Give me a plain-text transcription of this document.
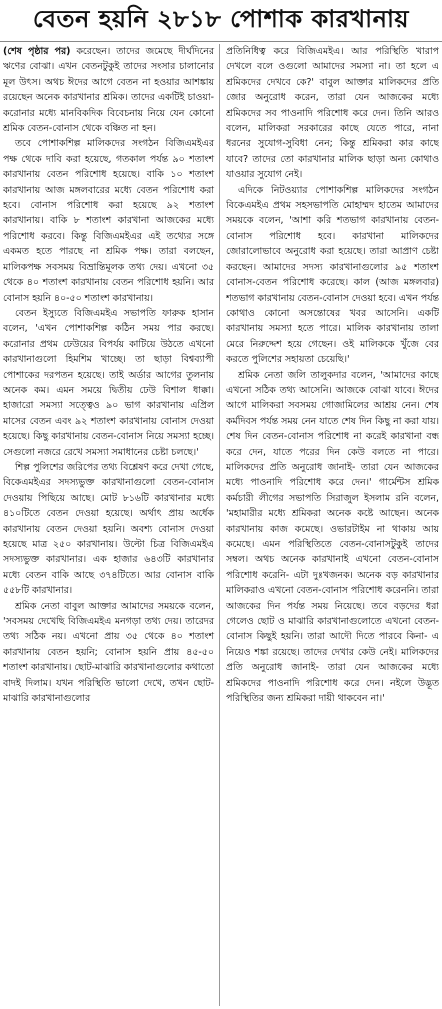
বেতন হয়নি ২৮১৮ পোশাক কারখানায়

(শেষ পৃষ্ঠার পর) করেছেন। তাদের জমেছে দীর্ঘদিনের ঋণের বোঝা। এখন বেতনটুকুই তাদের সংসার চালানোর মূল উৎস। অথচ ঈদের আগে বেতন না হওয়ার আশঙ্কায় রয়েছেন অনেক কারখানার শ্রমিক। তাদের একটিই চাওয়া- করোনার মধ্যে মানবিকদিক বিবেচনায় নিয়ে যেন কোনো শ্রমিক বেতন-বোনাস থেকে বঞ্চিত না হন।

তবে পোশাকশিল্প মালিকদের সংগঠন বিজিএমইএর পক্ষ থেকে দাবি করা হয়েছে, গতকাল পর্যন্ত ৯০ শতাংশ কারখানায় বেতন পরিশোধ হয়েছে। বাকি ১০ শতাংশ কারখানায় আজ মঙ্গলবারের মধ্যে বেতন পরিশোধ করা হবে। বোনাস পরিশোধ করা হয়েছে ৯২ শতাংশ কারখানায়। বাকি ৮ শতাংশ কারখানা আজকের মধ্যে পরিশোধ করবে। কিন্তু বিজিএমইএর এই তথ্যের সঙ্গে একমত হতে পারছে না শ্রমিক পক্ষ। তারা বলছেন, মালিকপক্ষ সবসময় বিভ্রান্তিমূলক তথ্য দেয়। এখনো ৩৫ থেকে ৪০ শতাংশ কারখানায় বেতন পরিশোধ হয়নি। আর বোনাস হয়নি ৪০-৫০ শতাংশ কারখানায়।

বেতন ইস্যুতে বিজিএমইএ সভাপতি ফারুক হাসান বলেন, 'এখন পোশাকশিল্প কঠিন সময় পার করছে। করোনার প্রথম ঢেউয়ের বিপর্যয় কাটিয়ে উঠতে এখনো কারখানাগুলো হিমশিম খাচ্ছে। তা ছাড়া বিশ্বব্যাপী পোশাকের দরপতন হয়েছে। তাই অর্ডার আগের তুলনায় অনেক কম। এমন সময়ে দ্বিতীয় ঢেউ বিশাল ধাক্কা। হাজারো সমস্যা সত্ত্বেও ৯০ ভাগ কারখানায় এপ্রিল মাসের বেতন এবং ৯২ শতাংশ কারখানায় বোনাস দেওয়া হয়েছে। কিছু কারখানায় বেতন-বোনাস নিয়ে সমস্যা হচ্ছে। সেগুলো নজরে রেখে সমস্যা সমাধানের চেষ্টা চলছে।'

শিল্প পুলিশের জরিপের তথ্য বিশ্লেষণ করে দেখা গেছে, বিকেএমইএর সদস্যভুক্ত কারখানাগুলো বেতন-বোনাস দেওয়ায় পিছিয়ে আছে। মোট ৮১৬টি কারখানার মধ্যে ৪১০টিতে বেতন দেওয়া হয়েছে। অর্থাৎ প্রায় অর্ধেক কারখানায় বেতন দেওয়া হয়নি। অবশ্য বোনাস দেওয়া হয়েছে মাত্র ২৫০ কারখানায়। উল্টো চিত্র বিজিএমইএ সদস্যভুক্ত কারখানার। এক হাজার ৬৪৩টি কারখানার মধ্যে বেতন বাকি আছে ৩৭৪টিতে। আর বোনাস বাকি ৫৫৮টি কারখানার।

শ্রমিক নেতা বাবুল আক্তার আমাদের সময়কে বলেন, 'সবসময় দেখেছি বিজিএমইএ মনগড়া তথ্য দেয়। তারেদর তথ্য সঠিক নয়। এখনো প্রায় ৩৫ থেকে ৪০ শতাংশ কারখানায় বেতন হয়নি; বোনাস হয়নি প্রায় ৪৫-৫০ শতাংশ কারখানায়। ছোট-মাঝারি কারখানাগুলোর কথাতো বাদই দিলাম। যখন পরিস্থিতি ভালো দেখে, তখন ছোট-মাঝারি কারখানাগুলোর

প্রতিনিধিত্ব করে বিজিএমইএ। আর পরিস্থিতি খারাপ দেখলে বলে ওগুলো আমাদের সমস্যা না। তা হলে এ শ্রমিকদের দেখবে কে?' বাবুল আক্তার মালিকদের প্রতি জোর অনুরোধ করেন, তারা যেন আজকের মধ্যে শ্রমিকদের সব পাওনাদি পরিশোধ করে দেন। তিনি আরও বলেন, মালিকরা সরকারের কাছে যেতে পারে, নানা ধরনের সুযোগ-সুবিধা নেন; কিন্তু শ্রমিকরা কার কাছে যাবে? তাদের তো কারখানার মালিক ছাড়া অন্য কোথাও যাওয়ার সুযোগ নেই।

এদিকে নিটওয়্যার পোশাকশিল্প মালিকদের সংগঠন বিকেএমইএ প্রথম সহসভাপতি মোহাম্মদ হাতেম আমাদের সময়কে বলেন, 'আশা করি শতভাগ কারখানায় বেতন-বোনাস পরিশোধ হবে। কারখানা মালিকদের জোরালোভাবে অনুরোধ করা হয়েছে। তারা আপ্রাণ চেষ্টা করছেন। আমাদের সদস্য কারখানাগুলোর ৯৫ শতাংশ বোনাস-বেতন পরিশোধ করেছে। কাল (আজ মঙ্গলবার) শতভাগ কারখানায় বেতন-বোনাস দেওয়া হবে। এখন পর্যন্ত কোথাও কোনো অসন্তোষের খবর আসেনি। একটি কারখানায় সমস্যা হতে পারে। মালিক কারখানায় তালা মেরে নিরুদ্দেশ হয়ে গেছেন। ওই মালিককে খুঁজে বের করতে পুলিশের সহায়তা চেয়েছি।'

শ্রমিক নেতা জলি তালুকদার বলেন, 'আমাদের কাছে এখনো সঠিক তথ্য আসেনি। আজকে বোঝা যাবে। ঈদের আগে মালিকরা সবসময় গোজামিলের আশ্রয় নেন। শেষ কর্মদিবস পর্যন্ত সময় নেন যাতে শেষ দিন কিছু না করা যায়। শেষ দিন বেতন-বোনাস পরিশোধ না করেই কারখানা বন্ধ করে দেন, যাতে পরের দিন কেউ বলতে না পারে। মালিকদের প্রতি অনুরোধ জানাই- তারা যেন আজকের মধ্যে পাওনাদি পরিশোধ করে দেন।' গার্মেন্টস শ্রমিক কর্মচারী লীগের সভাপতি সিরাজুল ইসলাম রনি বলেন, 'মহামারীর মধ্যে শ্রমিকরা অনেক কষ্টে আছেন। অনেক কারখানায় কাজ কমেছে। ওভারটাইম না থাকায় আয় কমেছে। এমন পরিস্থিতিতে বেতন-বোনাসটুকুই তাদের সম্বল। অথচ অনেক কারখানাই এখনো বেতন-বোনাস পরিশোধ করেনি- এটা দুঃখজনক। অনেক বড় কারখানার মালিকরাও এখনো বেতন-বোনাস পরিশোধ করেননি। তারা আজকের দিন পর্যন্ত সময় নিয়েছে। তবে বড়দের ধরা গেলেও ছোট ও মাঝারি কারখানাগুলোতে এখনো বেতন-বোনাস কিছুই হয়নি। তারা আদৌ দিতে পারবে কিনা- এ নিয়েও শঙ্কা রয়েছে। তাদের দেখার কেউ নেই। মালিকদের প্রতি অনুরোধ জানাই- তারা যেন আজকের মধ্যে শ্রমিকদের পাওনাদি পরিশোধ করে দেন। নইলে উদ্ভূত পরিস্থিতির জন্য শ্রমিকরা দায়ী থাকবেন না।'
